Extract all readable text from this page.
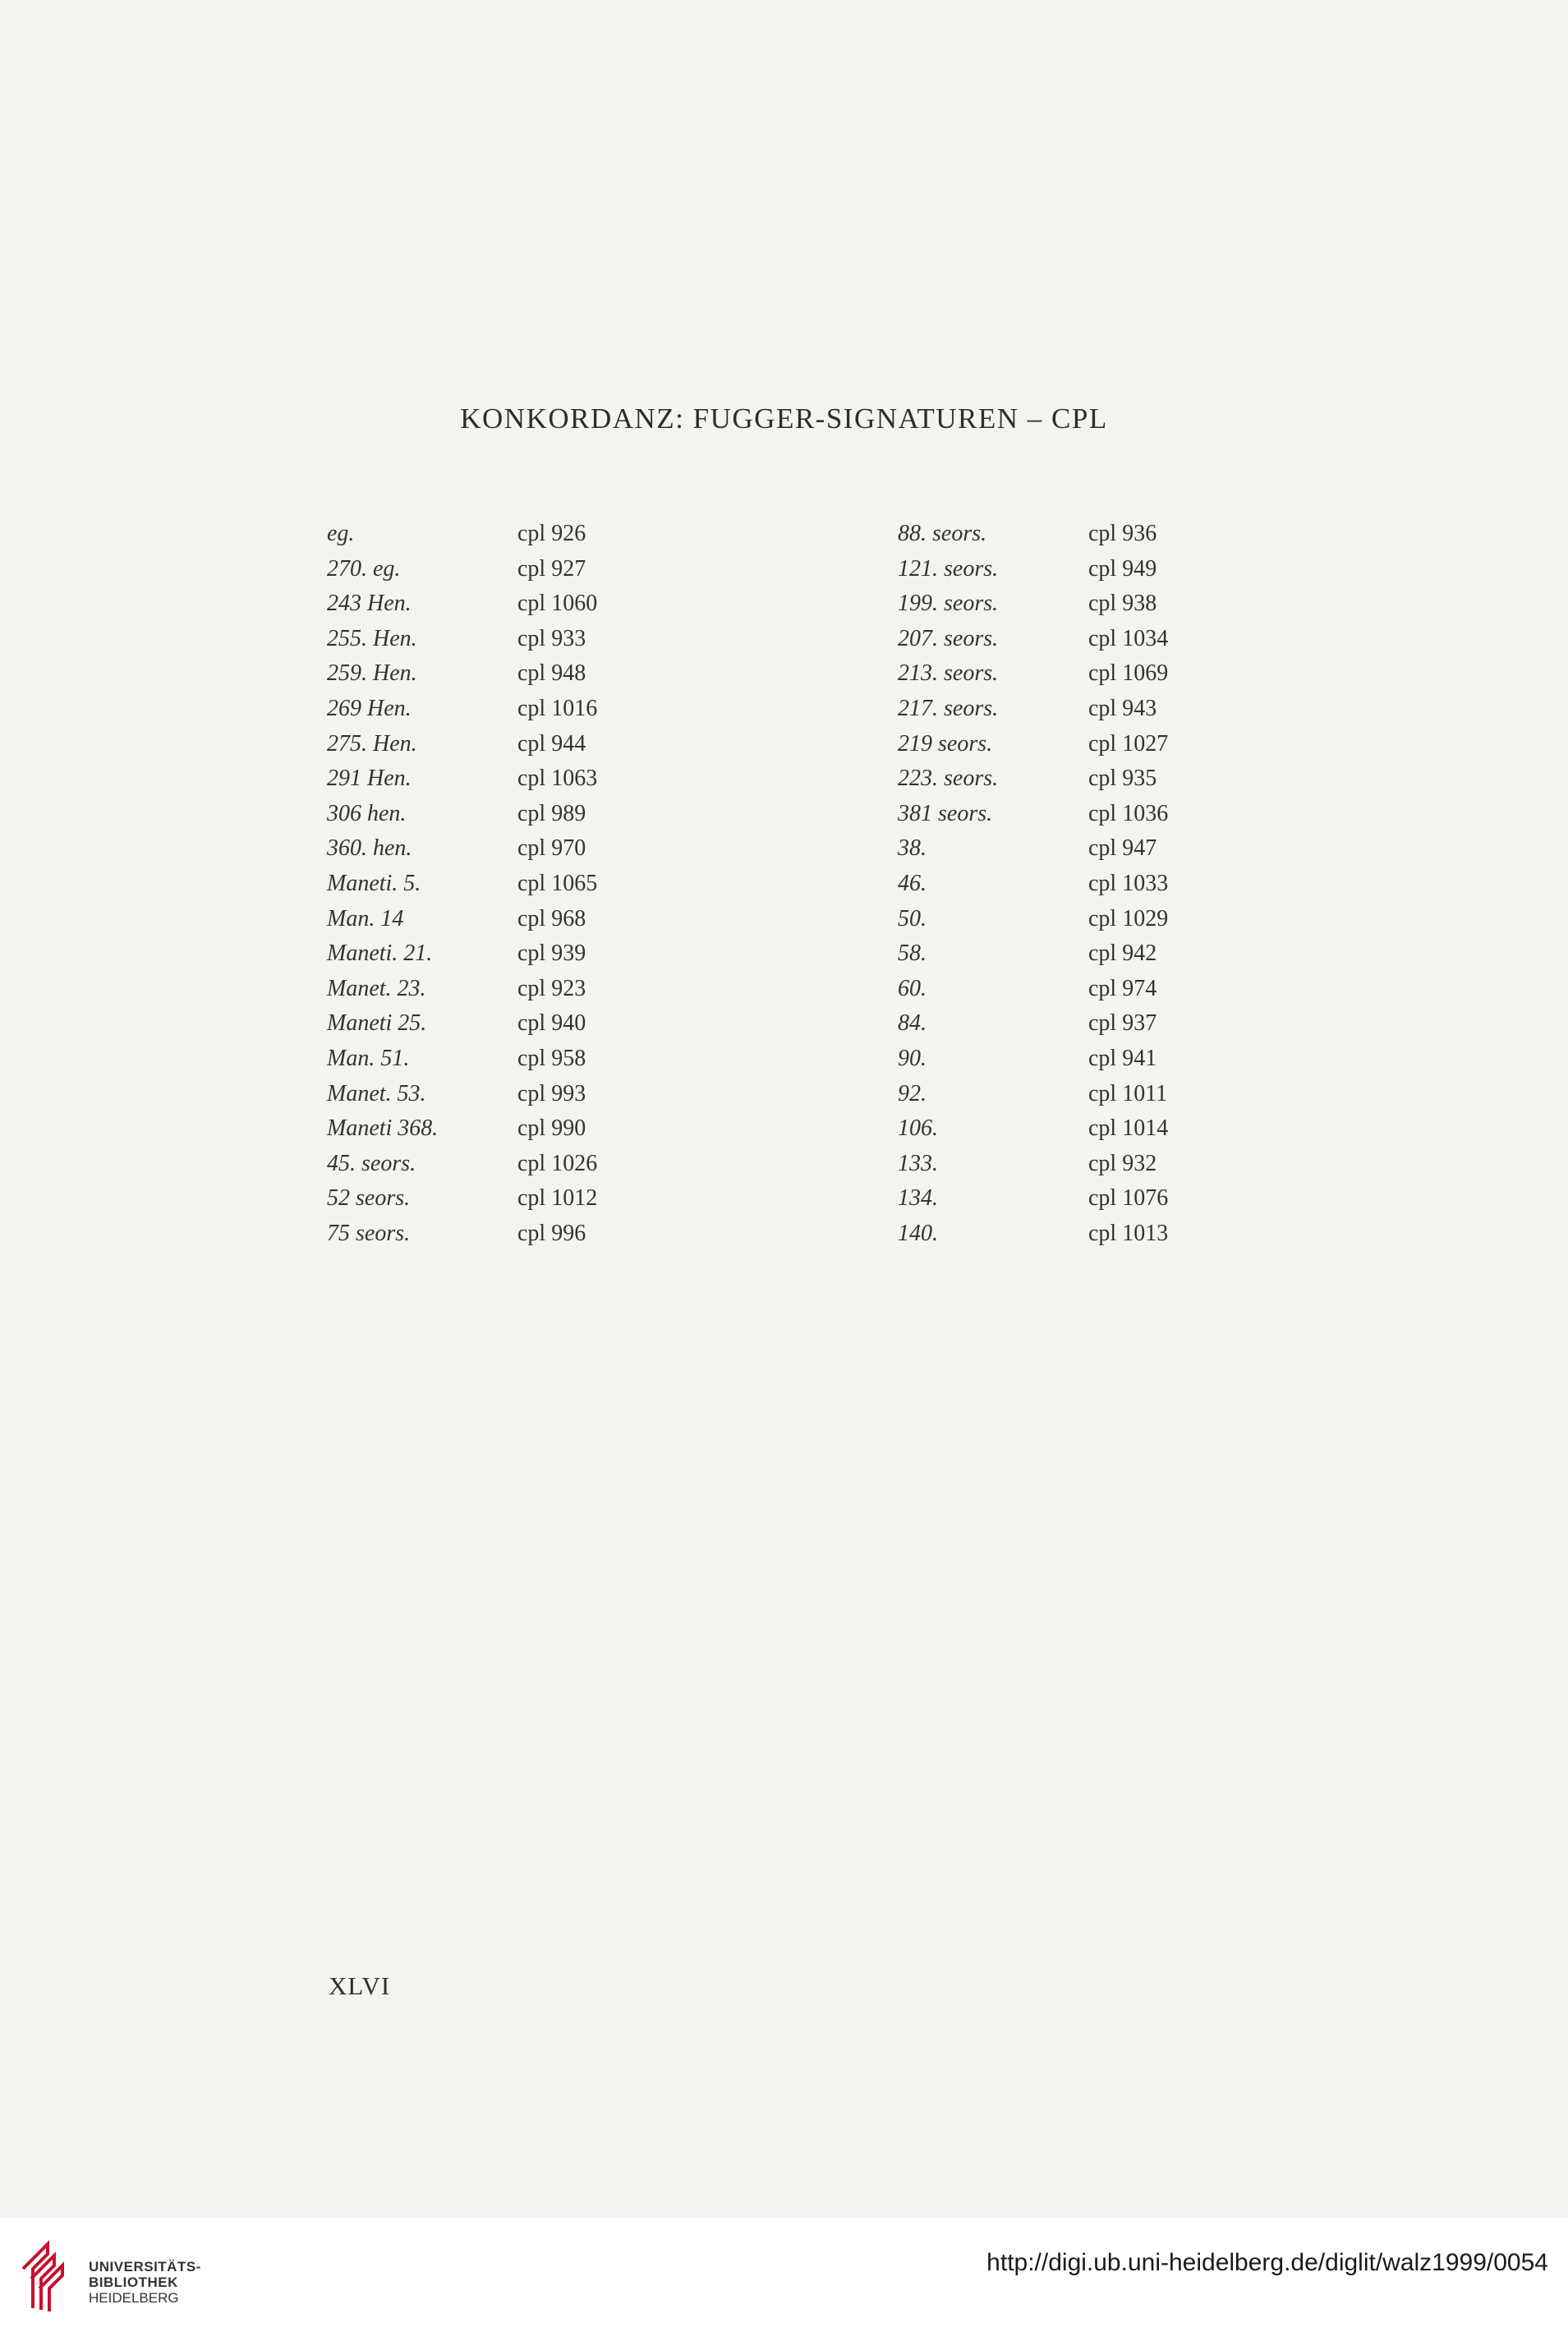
KONKORDANZ: FUGGER-SIGNATUREN – CPL
eg.	cpl 926
270. eg.	cpl 927
243 Hen.	cpl 1060
255. Hen.	cpl 933
259. Hen.	cpl 948
269 Hen.	cpl 1016
275. Hen.	cpl 944
291 Hen.	cpl 1063
306 hen.	cpl 989
360. hen.	cpl 970
Maneti. 5.	cpl 1065
Man. 14	cpl 968
Maneti. 21.	cpl 939
Manet. 23.	cpl 923
Maneti 25.	cpl 940
Man. 51.	cpl 958
Manet. 53.	cpl 993
Maneti 368.	cpl 990
45. seors.	cpl 1026
52 seors.	cpl 1012
75 seors.	cpl 996
88. seors.	cpl 936
121. seors.	cpl 949
199. seors.	cpl 938
207. seors.	cpl 1034
213. seors.	cpl 1069
217. seors.	cpl 943
219 seors.	cpl 1027
223. seors.	cpl 935
381 seors.	cpl 1036
38.	cpl 947
46.	cpl 1033
50.	cpl 1029
58.	cpl 942
60.	cpl 974
84.	cpl 937
90.	cpl 941
92.	cpl 1011
106.	cpl 1014
133.	cpl 932
134.	cpl 1076
140.	cpl 1013
XLVI
UNIVERSITÄTS-
BIBLIOTHEK
HEIDELBERG
http://digi.ub.uni-heidelberg.de/diglit/walz1999/0054
